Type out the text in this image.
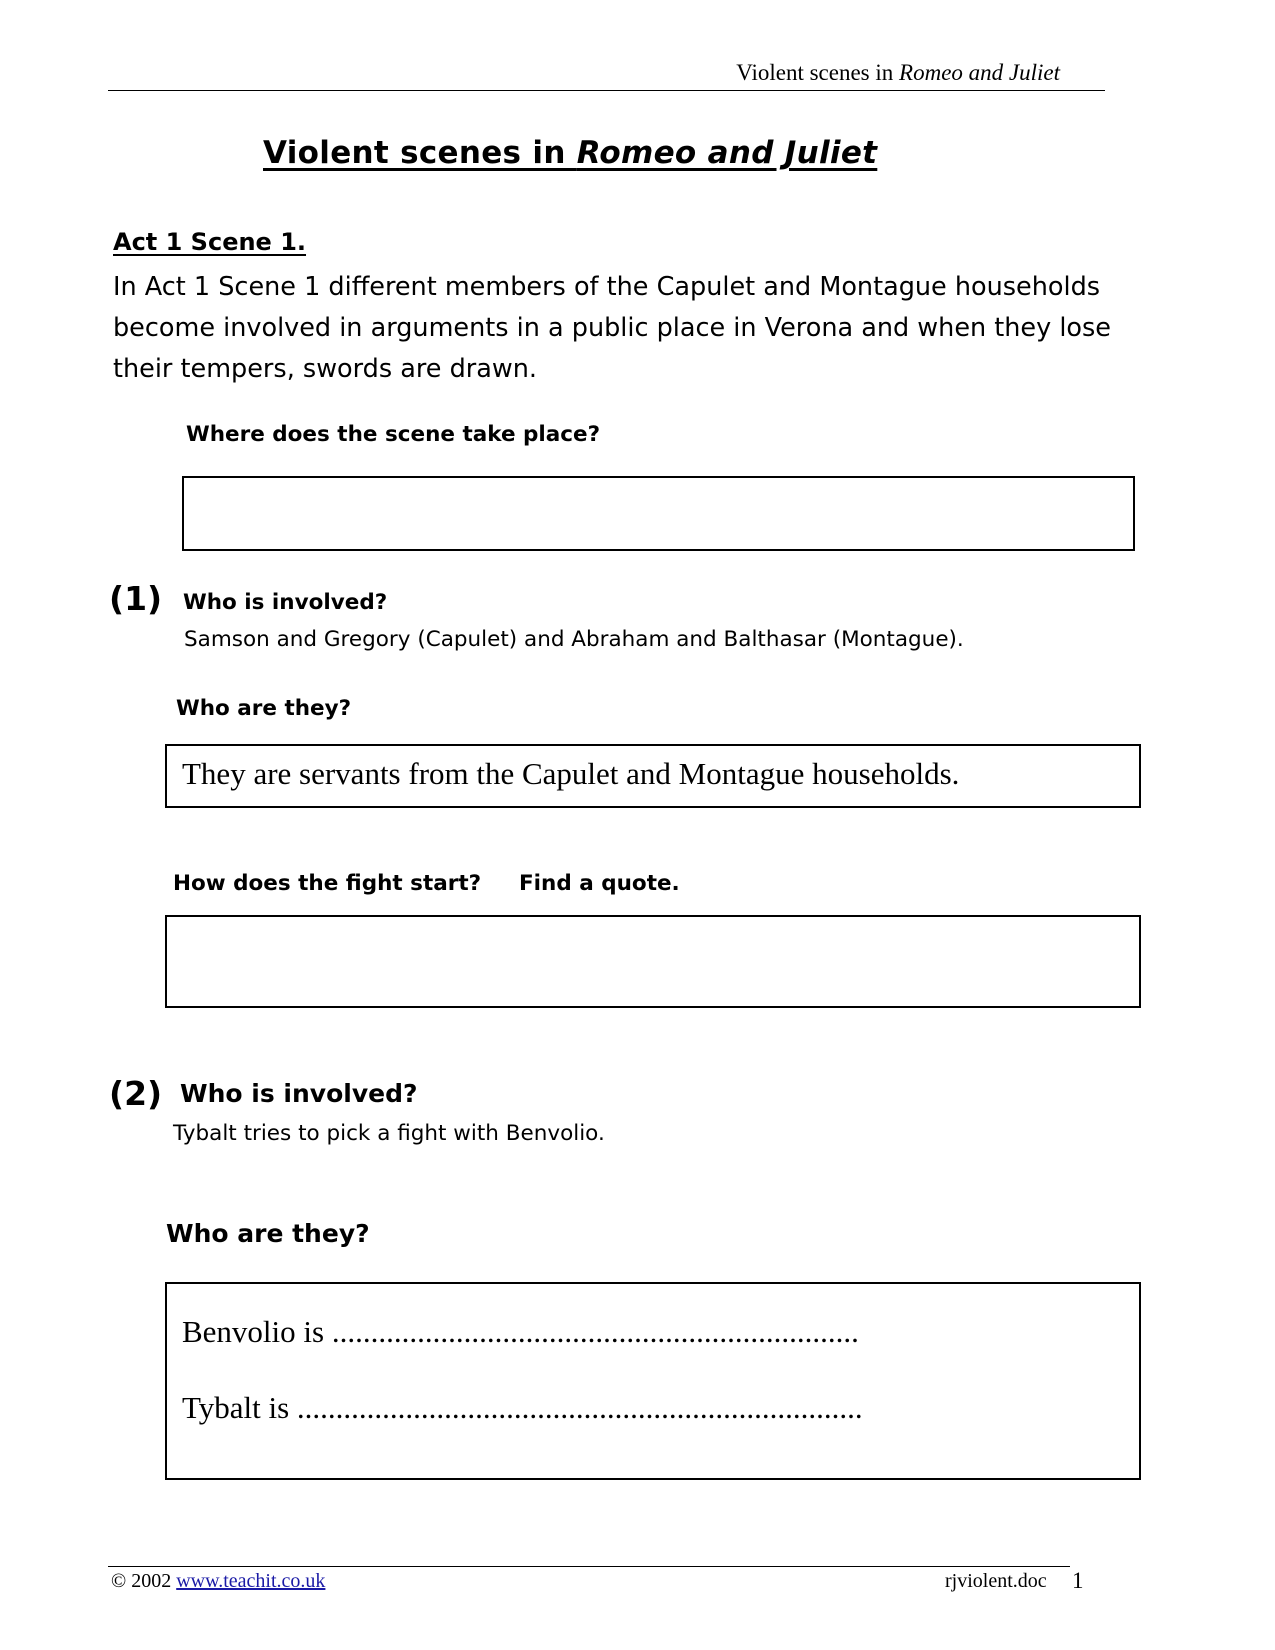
Violent scenes in Romeo and Juliet
Violent scenes in Romeo and Juliet
Act 1 Scene 1.
In Act 1 Scene 1 different members of the Capulet and Montague households become involved in arguments in a public place in Verona and when they lose their tempers, swords are drawn.
Where does the scene take place?
(1) Who is involved?
Samson and Gregory (Capulet) and Abraham and Balthasar (Montague).
Who are they?
They are servants from the Capulet and Montague households.
How does the fight start? Find a quote.
(2) Who is involved?
Tybalt tries to pick a fight with Benvolio.
Who are they?
Benvolio is ....................................................................
Tybalt is .........................................................................
© 2002 www.teachit.co.uk	rjviolent.doc 1
